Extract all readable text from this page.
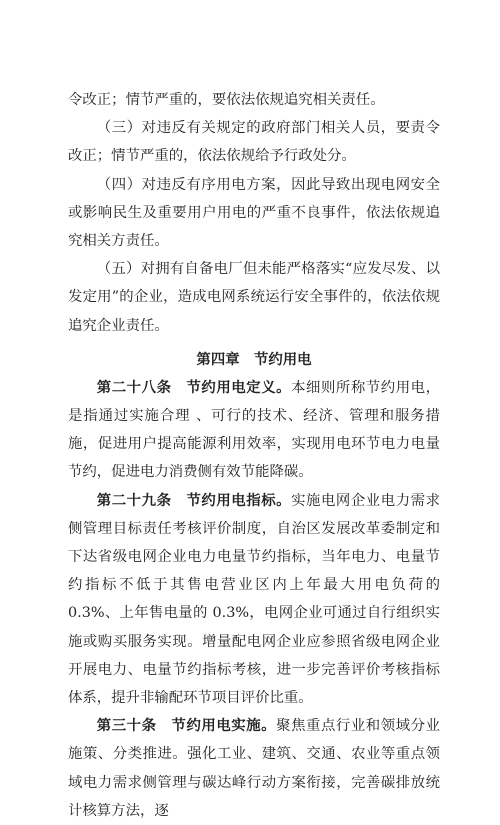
令改正；情节严重的，要依法依规追究相关责任。
（三）对违反有关规定的政府部门相关人员，要责令改正；情节严重的，依法依规给予行政处分。
（四）对违反有序用电方案，因此导致出现电网安全或影响民生及重要用户用电的严重不良事件，依法依规追究相关方责任。
（五）对拥有自备电厂但未能严格落实“应发尽发、以发定用”的企业，造成电网系统运行安全事件的，依法依规追究企业责任。
第四章　节约用电
第二十八条　节约用电定义。本细则所称节约用电，是指通过实施合理 、可行的技术、经济、管理和服务措施，促进用户提高能源利用效率，实现用电环节电力电量节约，促进电力消费侧有效节能降碳。
第二十九条　节约用电指标。实施电网企业电力需求侧管理目标责任考核评价制度，自治区发展改革委制定和下达省级电网企业电力电量节约指标，当年电力、电量节约指标不低于其售电营业区内上年最大用电负荷的 0.3%、上年售电量的 0.3%，电网企业可通过自行组织实施或购买服务实现。增量配电网企业应参照省级电网企业开展电力、电量节约指标考核，进一步完善评价考核指标体系，提升非输配环节项目评价比重。
第三十条　节约用电实施。聚焦重点行业和领域分业施策、分类推进。强化工业、建筑、交通、农业等重点领域电力需求侧管理与碳达峰行动方案衔接，完善碳排放统计核算方法，逐
